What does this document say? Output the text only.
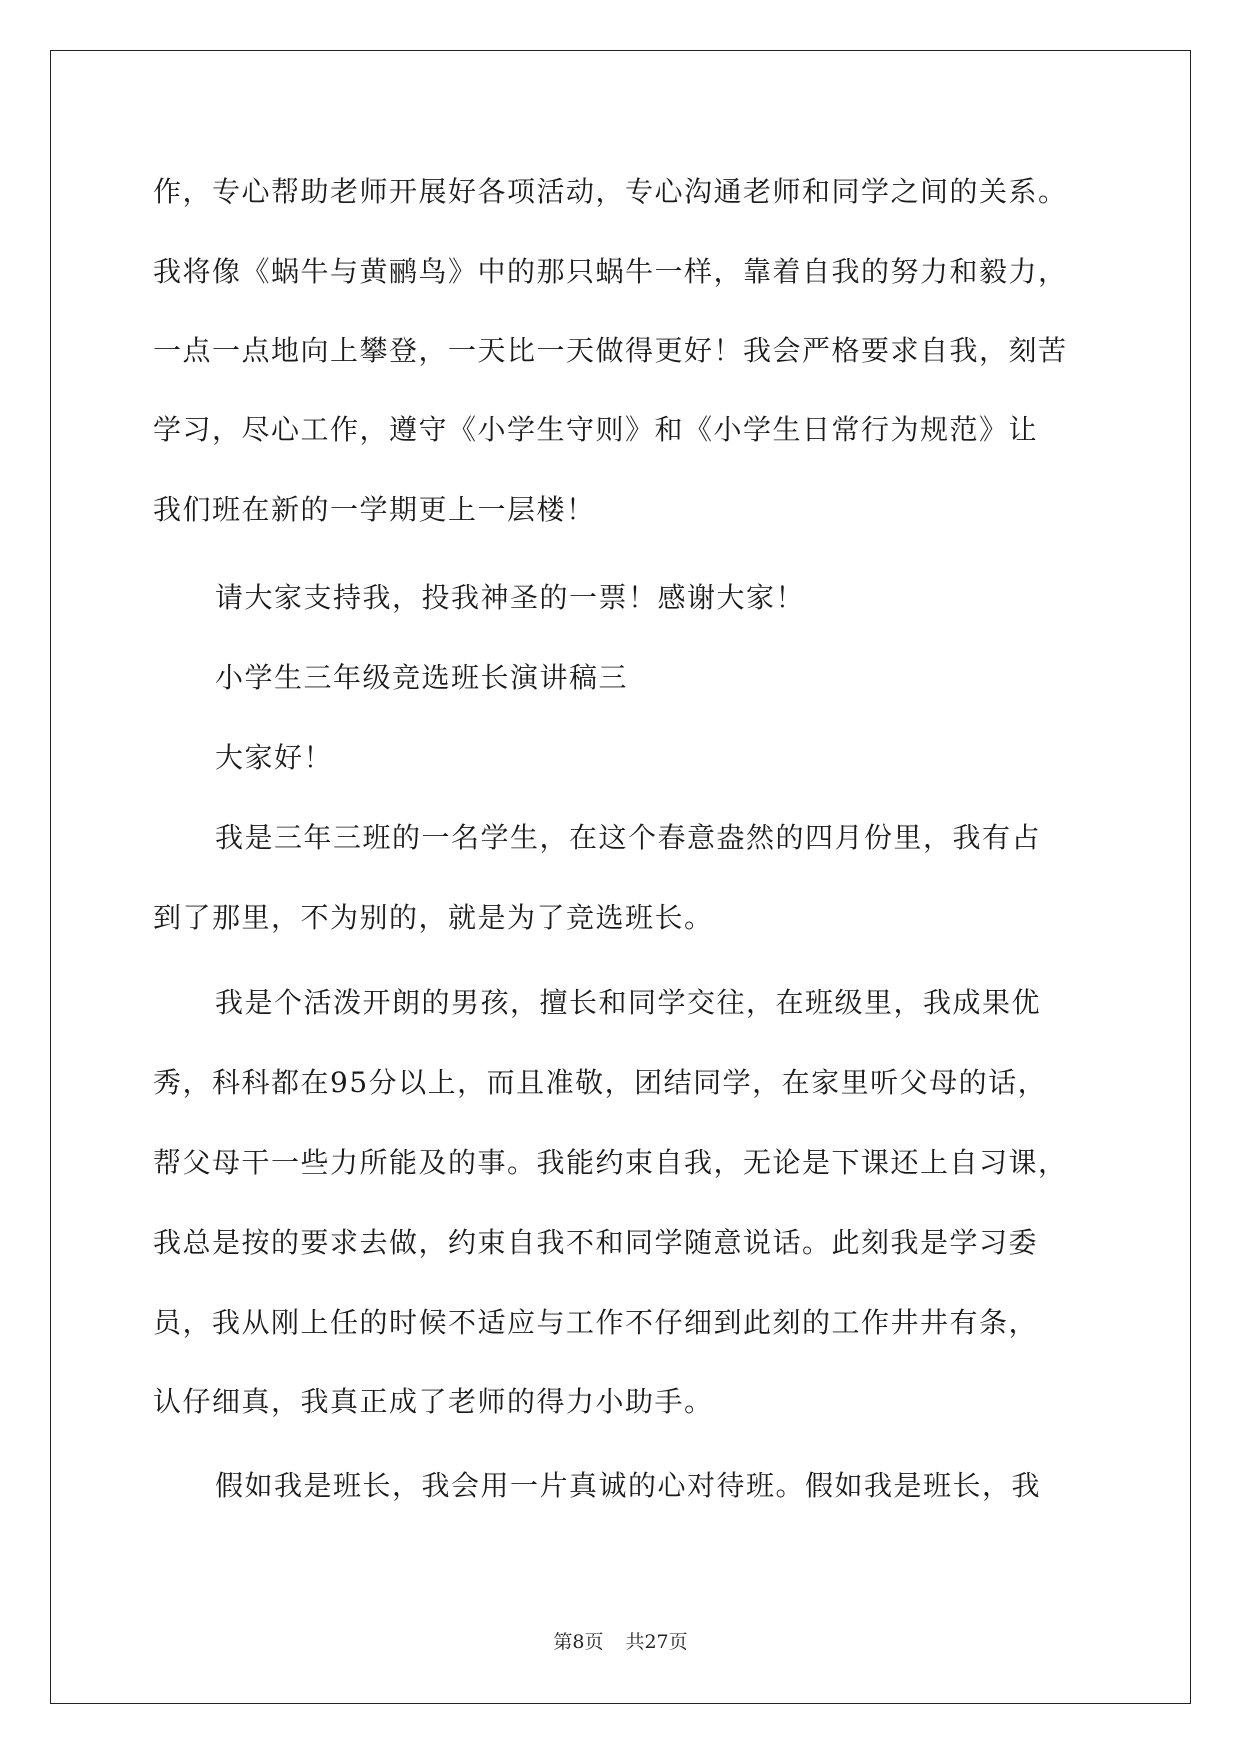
作，专心帮助老师开展好各项活动，专心沟通老师和同学之间的关系。
我将像《蜗牛与黄鹂鸟》中的那只蜗牛一样，靠着自我的努力和毅力，
一点一点地向上攀登，一天比一天做得更好！我会严格要求自我，刻苦
学习，尽心工作，遵守《小学生守则》和《小学生日常行为规范》让
我们班在新的一学期更上一层楼！
请大家支持我，投我神圣的一票！感谢大家！
小学生三年级竞选班长演讲稿三
大家好！
我是三年三班的一名学生，在这个春意盎然的四月份里，我有占
到了那里，不为别的，就是为了竞选班长。
我是个活泼开朗的男孩，擅长和同学交往，在班级里，我成果优
秀，科科都在95分以上，而且准敬，团结同学，在家里听父母的话，
帮父母干一些力所能及的事。我能约束自我，无论是下课还上自习课，
我总是按的要求去做，约束自我不和同学随意说话。此刻我是学习委
员，我从刚上任的时候不适应与工作不仔细到此刻的工作井井有条，
认仔细真，我真正成了老师的得力小助手。
假如我是班长，我会用一片真诚的心对待班。假如我是班长，我
第8页 共27页
